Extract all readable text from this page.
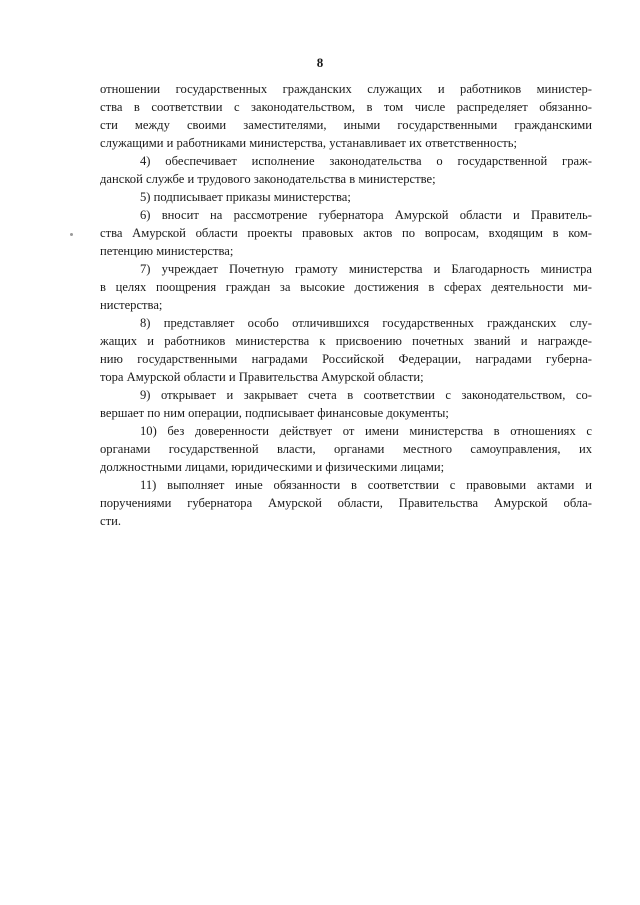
8
отношении государственных гражданских служащих и работников министер-
ства в соответствии с законодательством, в том числе распределяет обязанно-
сти между своими заместителями, иными государственными гражданскими
служащими и работниками министерства, устанавливает их ответственность;
4) обеспечивает исполнение законодательства о государственной граж-
данской службе и трудового законодательства в министерстве;
5) подписывает приказы министерства;
6) вносит на рассмотрение губернатора Амурской области и Правитель-
ства Амурской области проекты правовых актов по вопросам, входящим в ком-
петенцию министерства;
7) учреждает Почетную грамоту министерства и Благодарность министра
в целях поощрения граждан за высокие достижения в сферах деятельности ми-
нистерства;
8) представляет особо отличившихся государственных гражданских слу-
жащих и работников министерства к присвоению почетных званий и награжде-
нию государственными наградами Российской Федерации, наградами губерна-
тора Амурской области и Правительства Амурской области;
9) открывает и закрывает счета в соответствии с законодательством, со-
вершает по ним операции, подписывает финансовые документы;
10) без доверенности действует от имени министерства в отношениях с
органами государственной власти, органами местного самоуправления, их
должностными лицами, юридическими и физическими лицами;
11) выполняет иные обязанности в соответствии с правовыми актами и
поручениями губернатора Амурской области, Правительства Амурской обла-
сти.
